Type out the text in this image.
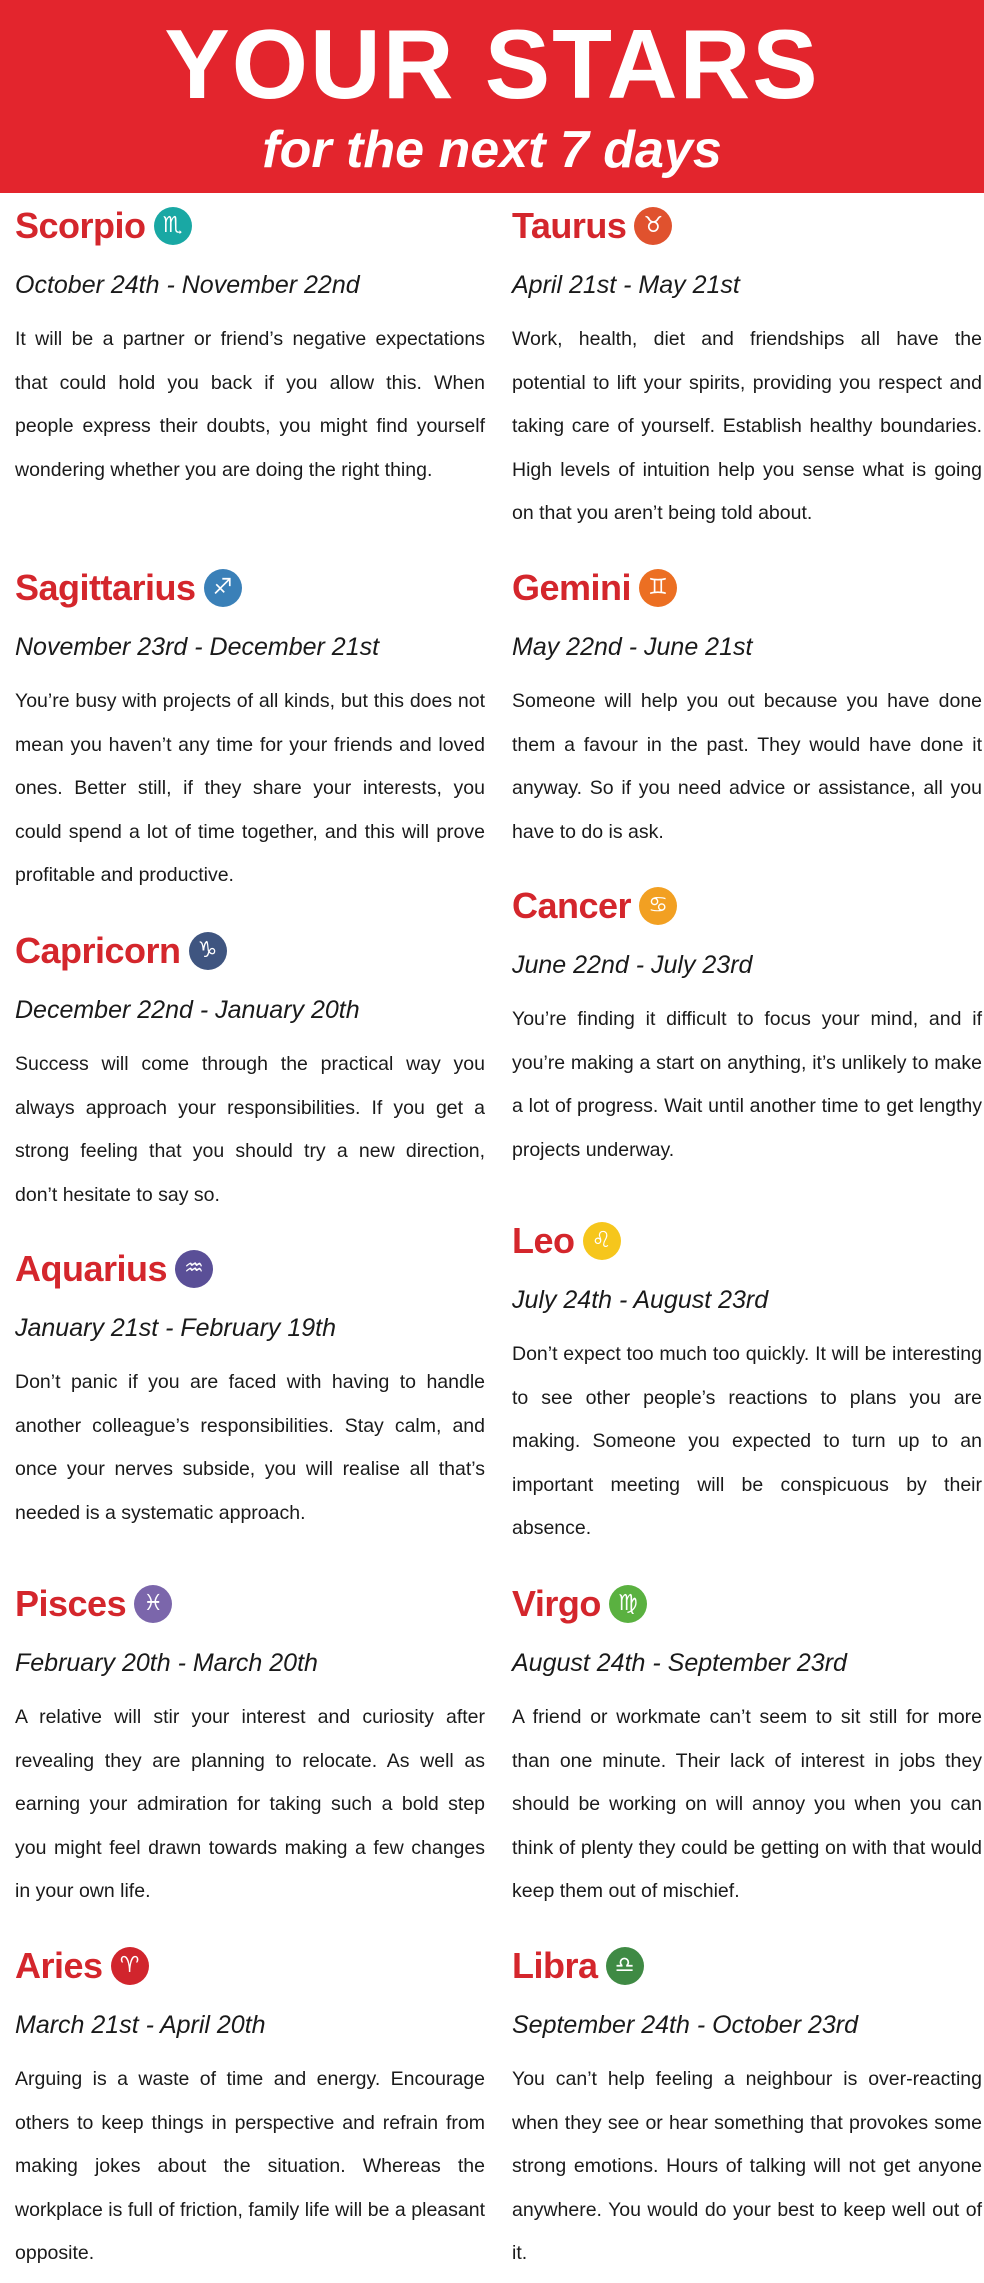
YOUR STARS
for the next 7 days
Scorpio ♏
October 24th - November 22nd
It will be a partner or friend’s negative expectations that could hold you back if you allow this. When people express their doubts, you might find yourself wondering whether you are doing the right thing.
Sagittarius ♐
November 23rd - December 21st
You’re busy with projects of all kinds, but this does not mean you haven’t any time for your friends and loved ones. Better still, if they share your interests, you could spend a lot of time together, and this will prove profitable and productive.
Capricorn ♑
December 22nd - January 20th
Success will come through the practical way you always approach your responsibilities. If you get a strong feeling that you should try a new direction, don’t hesitate to say so.
Aquarius ♒
January 21st - February 19th
Don’t panic if you are faced with having to handle another colleague’s responsibilities. Stay calm, and once your nerves subside, you will realise all that’s needed is a systematic approach.
Pisces ♓
February 20th - March 20th
A relative will stir your interest and curiosity after revealing they are planning to relocate. As well as earning your admiration for taking such a bold step you might feel drawn towards making a few changes in your own life.
Aries ♈
March 21st - April 20th
Arguing is a waste of time and energy. Encourage others to keep things in perspective and refrain from making jokes about the situation. Whereas the workplace is full of friction, family life will be a pleasant opposite.
Taurus ♉
April 21st - May 21st
Work, health, diet and friendships all have the potential to lift your spirits, providing you respect and taking care of yourself. Establish healthy boundaries. High levels of intuition help you sense what is going on that you aren’t being told about.
Gemini ♊
May 22nd - June 21st
Someone will help you out because you have done them a favour in the past. They would have done it anyway. So if you need advice or assistance, all you have to do is ask.
Cancer ♋
June 22nd - July 23rd
You’re finding it difficult to focus your mind, and if you’re making a start on anything, it’s unlikely to make a lot of progress. Wait until another time to get lengthy projects underway.
Leo ♌
July 24th - August 23rd
Don’t expect too much too quickly. It will be interesting to see other people’s reactions to plans you are making. Someone you expected to turn up to an important meeting will be conspicuous by their absence.
Virgo ♍
August 24th - September 23rd
A friend or workmate can’t seem to sit still for more than one minute. Their lack of interest in jobs they should be working on will annoy you when you can think of plenty they could be getting on with that would keep them out of mischief.
Libra ♎
September 24th - October 23rd
You can’t help feeling a neighbour is over-reacting when they see or hear something that provokes some strong emotions. Hours of talking will not get anyone anywhere. You would do your best to keep well out of it.
